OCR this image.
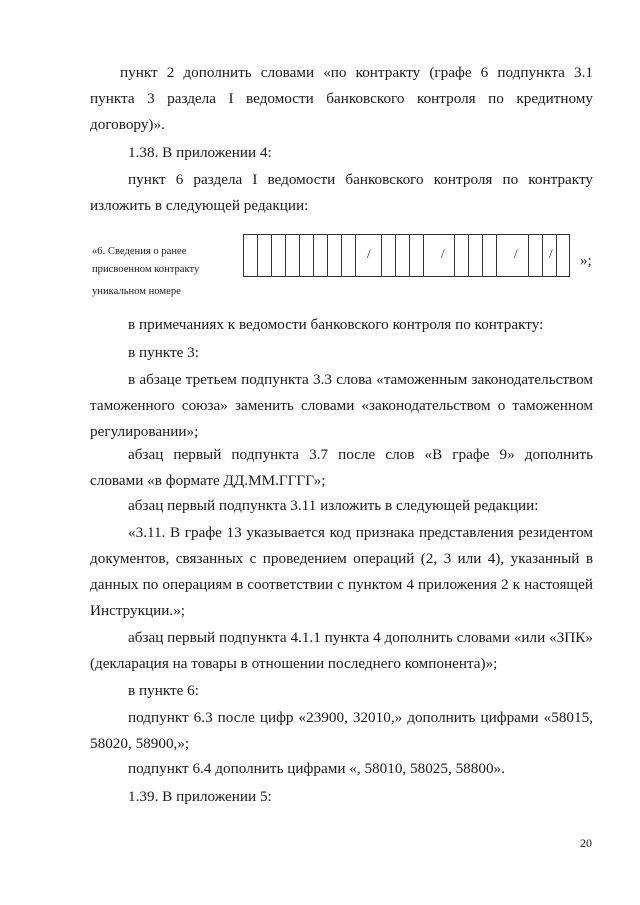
пункт 2 дополнить словами «по контракту (графе 6 подпункта 3.1 пункта 3 раздела I ведомости банковского контроля по кредитному договору)».

1.38. В приложении 4:

пункт 6 раздела I ведомости банковского контроля по контракту изложить в следующей редакции:

«6. Сведения о ранее
присвоенном контракту
уникальном номере
/	/	/ / »;

в примечаниях к ведомости банковского контроля по контракту:

в пункте 3:

в абзаце третьем подпункта 3.3 слова «таможенным законодательством таможенного союза» заменить словами «законодательством о таможенном регулировании»;

абзац первый подпункта 3.7 после слов «В графе 9» дополнить словами «в формате ДД.ММ.ГГГГ»;

абзац первый подпункта 3.11 изложить в следующей редакции:

«3.11. В графе 13 указывается код признака представления резидентом документов, связанных с проведением операций (2, 3 или 4), указанный в данных по операциям в соответствии с пунктом 4 приложения 2 к настоящей Инструкции.»;

абзац первый подпункта 4.1.1 пункта 4 дополнить словами «или «ЗПК» (декларация на товары в отношении последнего компонента)»;

в пункте 6:

подпункт 6.3 после цифр «23900, 32010,» дополнить цифрами «58015, 58020, 58900,»;

подпункт 6.4 дополнить цифрами «, 58010, 58025, 58800».

1.39. В приложении 5:

20
